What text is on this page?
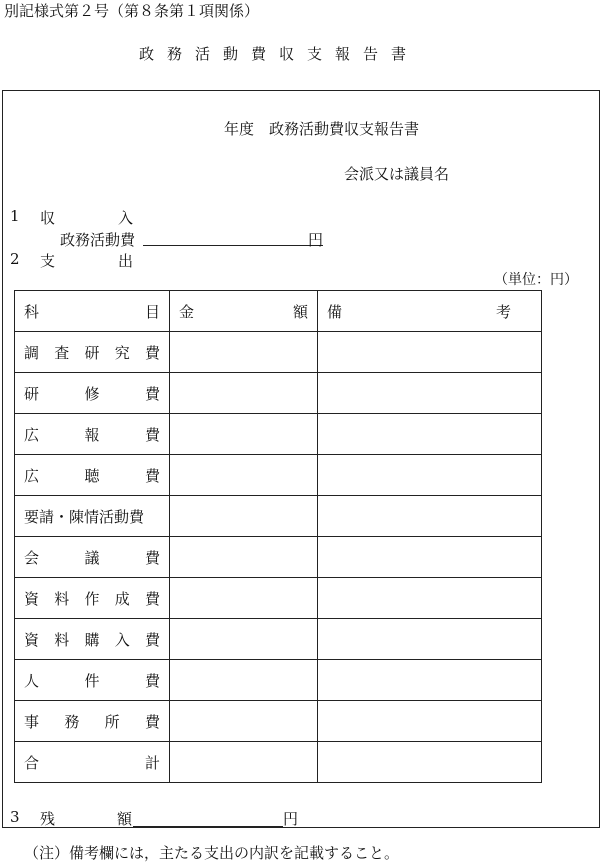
別記様式第２号（第８条第１項関係）
政務活動費収支報告書
年度　政務活動費収支報告書
会派又は議員名
1 収	入
政務活動費	円
2 支	出
（単位：円）
科 目	金 額	備 考

調 査 研 究 費		

研 修 費		

広 報 費		

広 聴 費		

要請・陳情活動費		

会 議 費		

資 料 作 成 費		

資 料 購 入 費		

人 件 費		

事 務 所 費		

合 計		

3 残	額	円
（注）備考欄には，主たる支出の内訳を記載すること。
